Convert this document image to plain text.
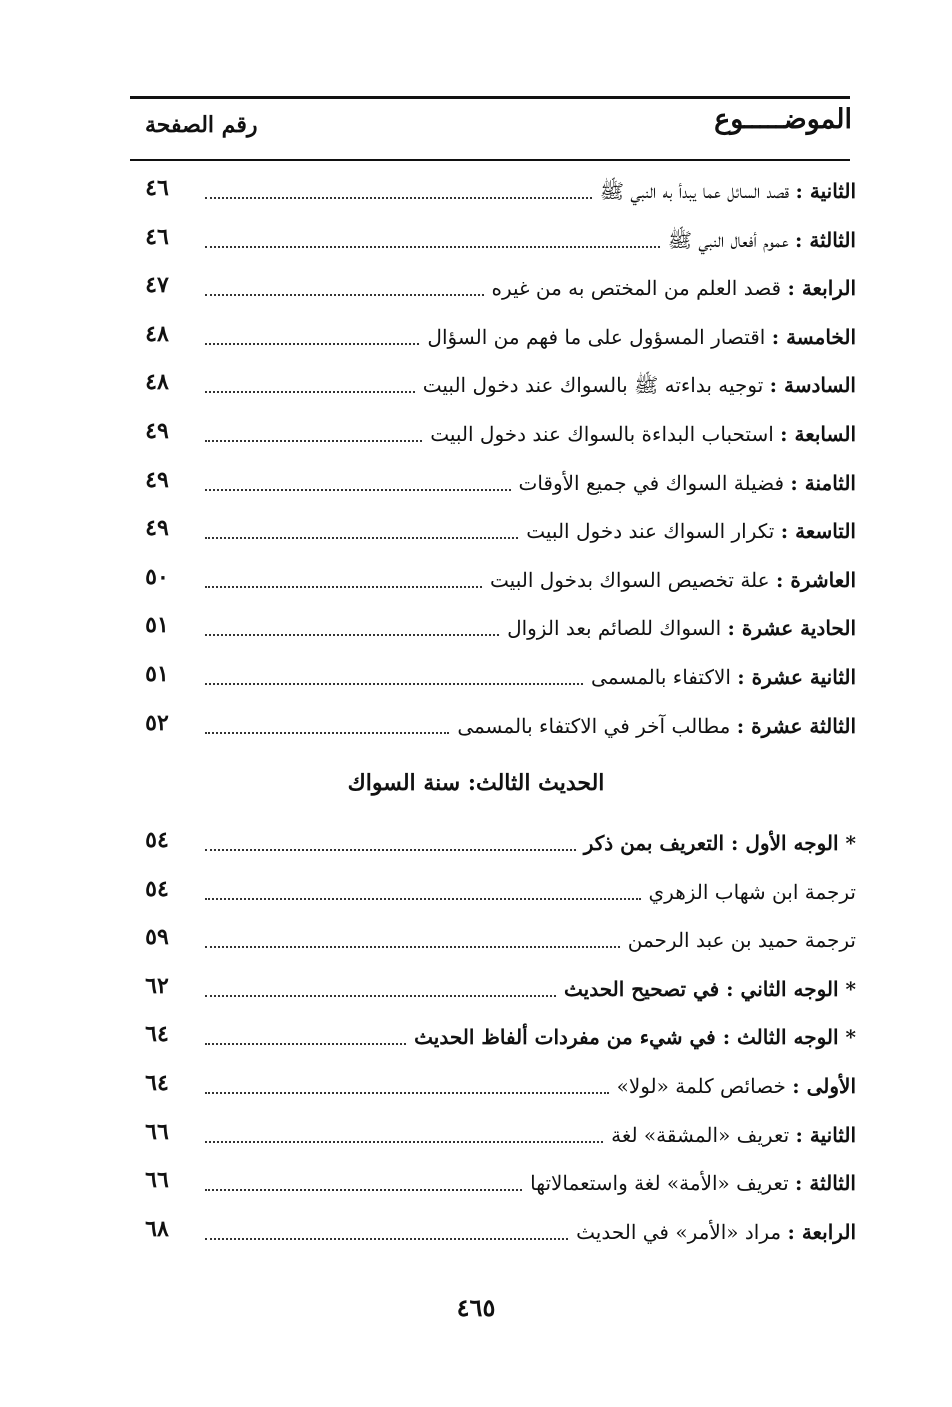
الموضـــــوع
رقم الصفحة
الثانية : قصد السائل عما يبدأ به النبي ﷺ
٤٦
الثالثة : عموم أفعال النبي ﷺ
٤٦
الرابعة : قصد العلم من المختص به من غيره
٤٧
الخامسة : اقتصار المسؤول على ما فهم من السؤال
٤٨
السادسة : توجيه بداءته ﷺ بالسواك عند دخول البيت
٤٨
السابعة : استحباب البداءة بالسواك عند دخول البيت
٤٩
الثامنة : فضيلة السواك في جميع الأوقات
٤٩
التاسعة : تكرار السواك عند دخول البيت
٤٩
العاشرة : علة تخصيص السواك بدخول البيت
٥٠
الحادية عشرة : السواك للصائم بعد الزوال
٥١
الثانية عشرة : الاكتفاء بالمسمى
٥١
الثالثة عشرة : مطالب آخر في الاكتفاء بالمسمى
٥٢
الحديث الثالث: سنة السواك
* الوجه الأول : التعريف بمن ذكر
٥٤
ترجمة ابن شهاب الزهري
٥٤
ترجمة حميد بن عبد الرحمن
٥٩
* الوجه الثاني : في تصحيح الحديث
٦٢
* الوجه الثالث : في شيء من مفردات ألفاظ الحديث
٦٤
الأولى : خصائص كلمة «لولا»
٦٤
الثانية : تعريف «المشقة» لغة
٦٦
الثالثة : تعريف «الأمة» لغة واستعمالاتها
٦٦
الرابعة : مراد «الأمر» في الحديث
٦٨
٤٦٥
